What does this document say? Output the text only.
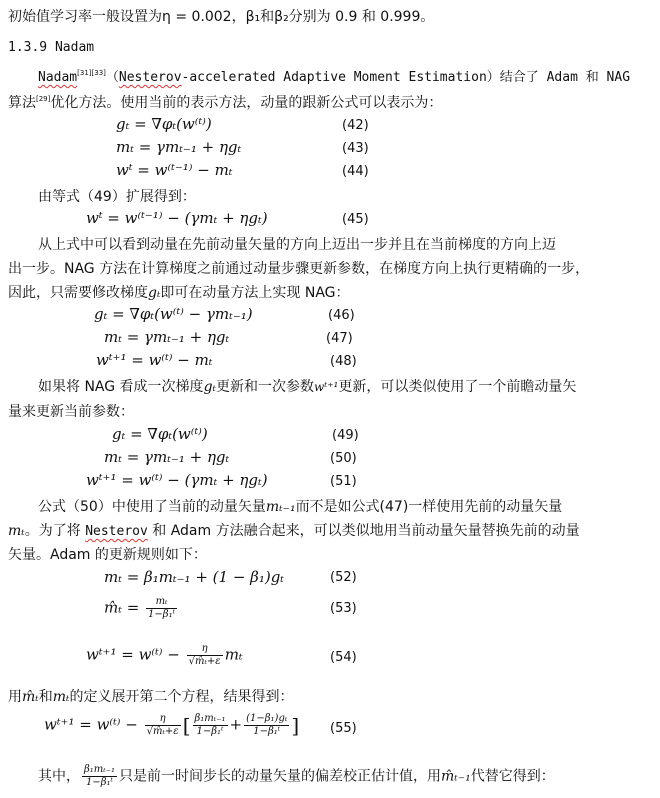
初始值学习率一般设置为η = 0.002，β₁和β₂分别为 0.9 和 0.999。
1.3.9 Nadam
Nadam[31][33]（Nesterov-accelerated Adaptive Moment Estimation）结合了 Adam 和 NAG
算法[29]优化方法。使用当前的表示方法，动量的跟新公式可以表示为：
gₜ = ∇φₜ(w⁽ᵗ⁾)	(42)
mₜ = γmₜ₋₁ + ηgₜ	(43)
wᵗ = w⁽ᵗ⁻¹⁾ − mₜ	(44)
由等式（49）扩展得到：
wᵗ = w⁽ᵗ⁻¹⁾ − (γmₜ + ηgₜ)	(45)
从上式中可以看到动量在先前动量矢量的方向上迈出一步并且在当前梯度的方向上迈
出一步。NAG 方法在计算梯度之前通过动量步骤更新参数，在梯度方向上执行更精确的一步，
因此，只需要修改梯度gₜ即可在动量方法上实现 NAG：
gₜ = ∇φₜ(w⁽ᵗ⁾ − γmₜ₋₁)	(46)
mₜ = γmₜ₋₁ + ηgₜ	(47)
wᵗ⁺¹ = w⁽ᵗ⁾ − mₜ	(48)
如果将 NAG 看成一次梯度gₜ更新和一次参数wᵗ⁺¹更新，可以类似使用了一个前瞻动量矢
量来更新当前参数：
gₜ = ∇φₜ(w⁽ᵗ⁾)	(49)
mₜ = γmₜ₋₁ + ηgₜ	(50)
wᵗ⁺¹ = w⁽ᵗ⁾ − (γmₜ + ηgₜ)	(51)
公式（50）中使用了当前的动量矢量mₜ₋₁而不是如公式(47)一样使用先前的动量矢量
mₜ。为了将 Nesterov 和 Adam 方法融合起来，可以类似地用当前动量矢量替换先前的动量
矢量。Adam 的更新规则如下：
mₜ = β₁mₜ₋₁ + (1 − β₁)gₜ	(52)
m̂ₜ = $\frac{\text{mₜ}}{\text{1−β₁ᵗ}}$	(53)
wᵗ⁺¹ = w⁽ᵗ⁾ − $\frac{\eta}{\text{√m̂ₜ+ε}}$ mₜ	(54)
用m̂ₜ和mₜ的定义展开第二个方程，结果得到：
wᵗ⁺¹ = w⁽ᵗ⁾ − $\frac{\eta}{\text{√m̂ₜ+ε}}$ [ $\frac{\text{β₁mₜ₋₁}}{\text{1−β₁ᵗ}} + \frac{\text{(1−β₁)gₜ}}{\text{1−β₁ᵗ}}$ ] (55)
其中， $\frac{\text{β₁mₜ₋₁}}{\text{1−β₁ᵗ}}$ 只是前一时间步长的动量矢量的偏差校正估计值，用m̂ₜ₋₁代替它得到：
